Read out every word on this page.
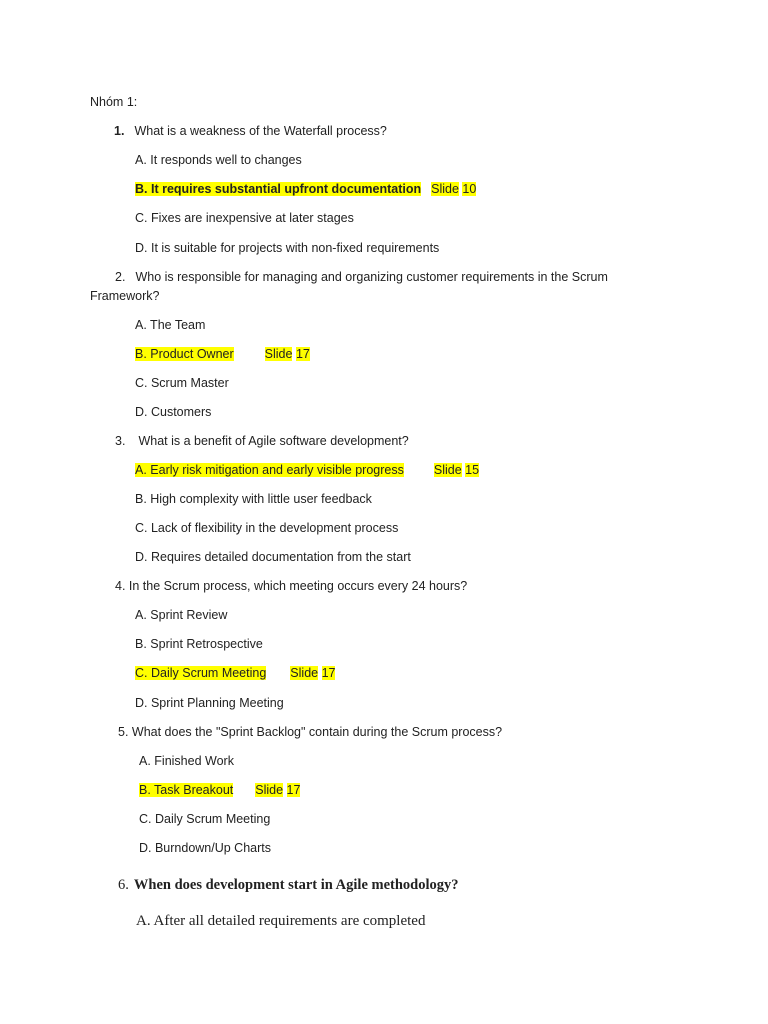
Nhóm 1:
1. What is a weakness of the Waterfall process?
A. It responds well to changes
B. It requires substantial upfront documentation Slide 10
C. Fixes are inexpensive at later stages
D. It is suitable for projects with non-fixed requirements
2. Who is responsible for managing and organizing customer requirements in the Scrum
Framework?
A. The Team
B. Product Owner Slide 17
C. Scrum Master
D. Customers
3. What is a benefit of Agile software development?
A. Early risk mitigation and early visible progress Slide 15
B. High complexity with little user feedback
C. Lack of flexibility in the development process
D. Requires detailed documentation from the start
4. In the Scrum process, which meeting occurs every 24 hours?
A. Sprint Review
B. Sprint Retrospective
C. Daily Scrum Meeting Slide 17
D. Sprint Planning Meeting
5. What does the "Sprint Backlog" contain during the Scrum process?
A. Finished Work
B. Task Breakout Slide 17
C. Daily Scrum Meeting
D. Burndown/Up Charts
6. When does development start in Agile methodology?
A. After all detailed requirements are completed
